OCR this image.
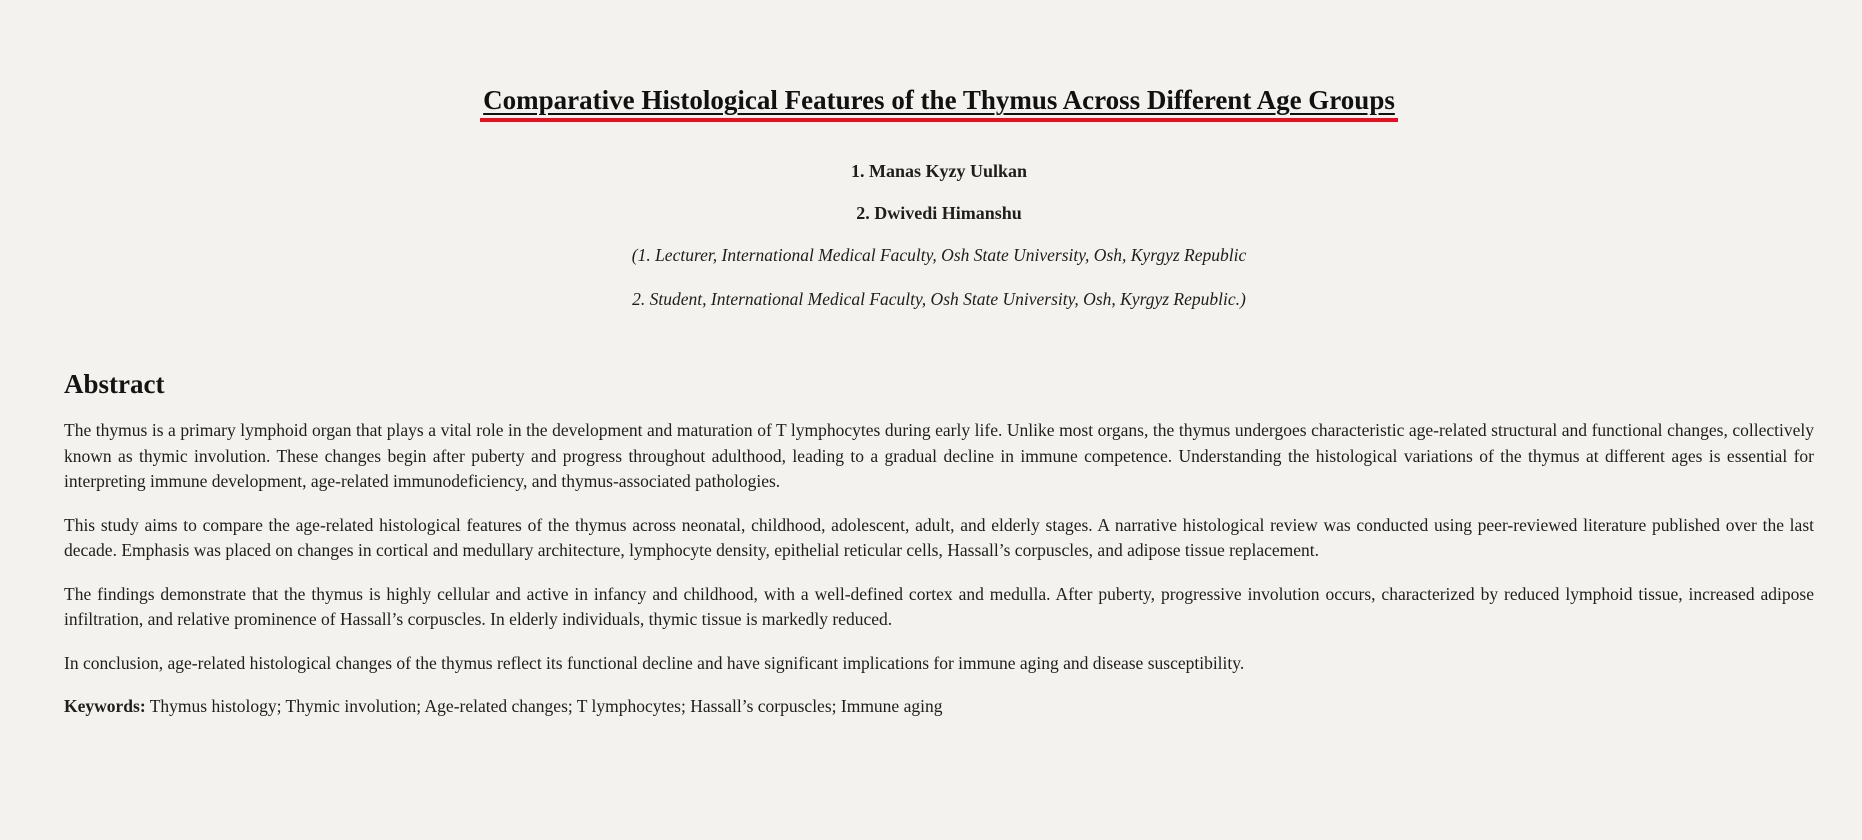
Comparative Histological Features of the Thymus Across Different Age Groups
1. Manas Kyzy Uulkan
2. Dwivedi Himanshu
(1. Lecturer, International Medical Faculty, Osh State University, Osh, Kyrgyz Republic
2. Student, International Medical Faculty, Osh State University, Osh, Kyrgyz Republic.)
Abstract

The thymus is a primary lymphoid organ that plays a vital role in the development and maturation of T lymphocytes during early life. Unlike most organs, the thymus undergoes characteristic age-related structural and functional changes, collectively known as thymic involution. These changes begin after puberty and progress throughout adulthood, leading to a gradual decline in immune competence. Understanding the histological variations of the thymus at different ages is essential for interpreting immune development, age-related immunodeficiency, and thymus-associated pathologies.

This study aims to compare the age-related histological features of the thymus across neonatal, childhood, adolescent, adult, and elderly stages. A narrative histological review was conducted using peer-reviewed literature published over the last decade. Emphasis was placed on changes in cortical and medullary architecture, lymphocyte density, epithelial reticular cells, Hassall’s corpuscles, and adipose tissue replacement.

The findings demonstrate that the thymus is highly cellular and active in infancy and childhood, with a well-defined cortex and medulla. After puberty, progressive involution occurs, characterized by reduced lymphoid tissue, increased adipose infiltration, and relative prominence of Hassall’s corpuscles. In elderly individuals, thymic tissue is markedly reduced.

In conclusion, age-related histological changes of the thymus reflect its functional decline and have significant implications for immune aging and disease susceptibility.

Keywords: Thymus histology; Thymic involution; Age-related changes; T lymphocytes; Hassall’s corpuscles; Immune aging
